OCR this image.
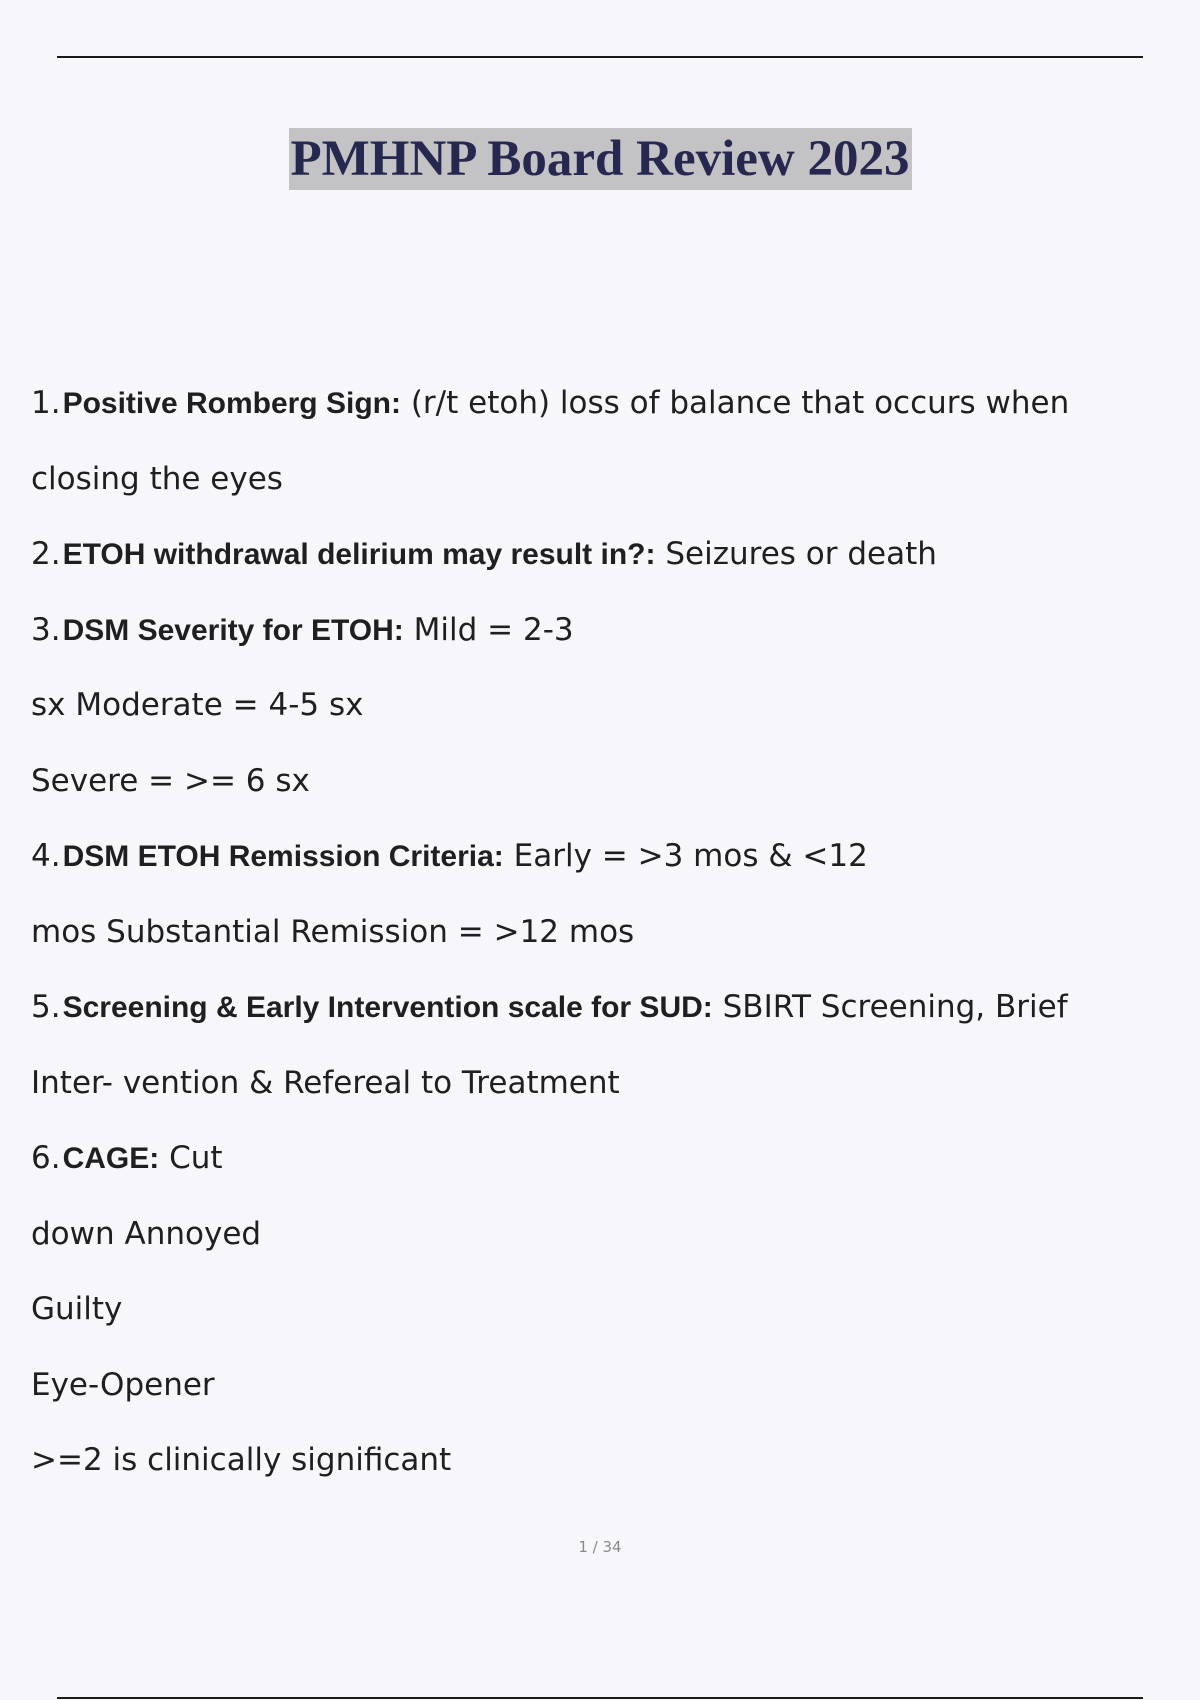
PMHNP Board Review 2023
1.Positive Romberg Sign: (r/t etoh) loss of balance that occurs when
closing the eyes
2.ETOH withdrawal delirium may result in?: Seizures or death
3.DSM Severity for ETOH: Mild = 2-3
sx Moderate = 4-5 sx
Severe = >= 6 sx
4.DSM ETOH Remission Criteria: Early = >3 mos & <12
mos Substantial Remission = >12 mos
5.Screening & Early Intervention scale for SUD: SBIRT Screening, Brief
Inter- vention & Refereal to Treatment
6.CAGE: Cut
down Annoyed
Guilty
Eye-Opener
>=2 is clinically significant
1 / 34
